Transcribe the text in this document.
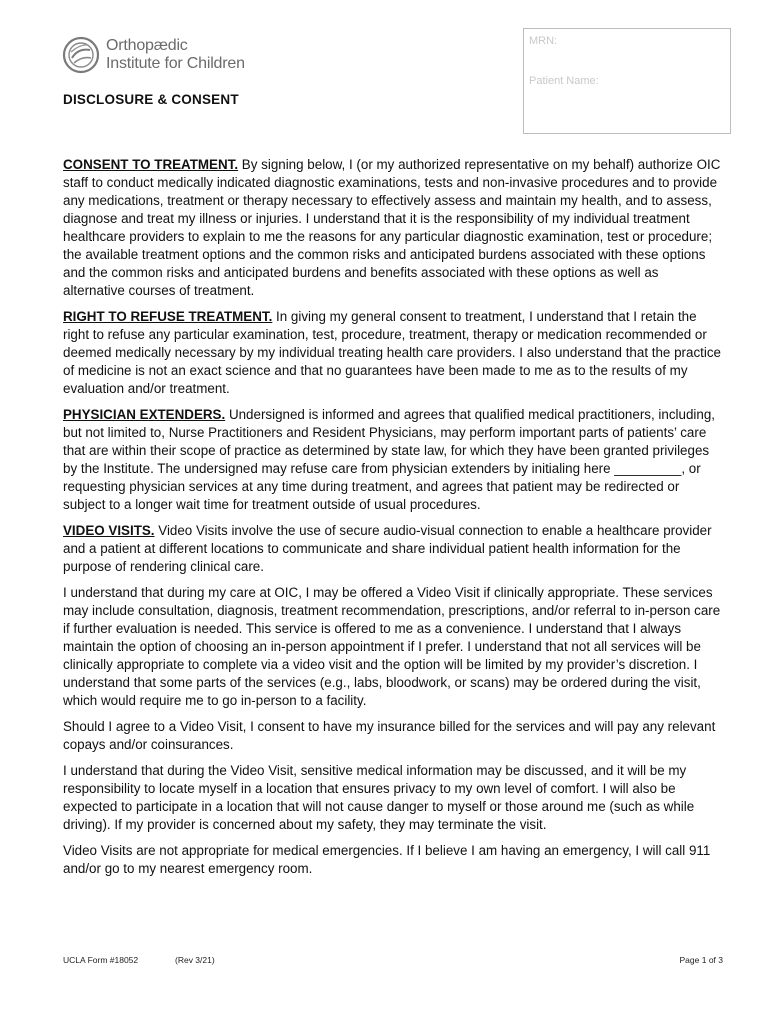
Orthopædic
Institute for Children
DISCLOSURE & CONSENT
MRN:
Patient Name:

CONSENT TO TREATMENT. By signing below, I (or my authorized representative on my behalf) authorize OIC staff to conduct medically indicated diagnostic examinations, tests and non-invasive procedures and to provide any medications, treatment or therapy necessary to effectively assess and maintain my health, and to assess, diagnose and treat my illness or injuries. I understand that it is the responsibility of my individual treatment healthcare providers to explain to me the reasons for any particular diagnostic examination, test or procedure; the available treatment options and the common risks and anticipated burdens associated with these options and the common risks and anticipated burdens and benefits associated with these options as well as alternative courses of treatment.

RIGHT TO REFUSE TREATMENT. In giving my general consent to treatment, I understand that I retain the right to refuse any particular examination, test, procedure, treatment, therapy or medication recommended or deemed medically necessary by my individual treating health care providers. I also understand that the practice of medicine is not an exact science and that no guarantees have been made to me as to the results of my evaluation and/or treatment.

PHYSICIAN EXTENDERS. Undersigned is informed and agrees that qualified medical practitioners, including, but not limited to, Nurse Practitioners and Resident Physicians, may perform important parts of patients’ care that are within their scope of practice as determined by state law, for which they have been granted privileges by the Institute. The undersigned may refuse care from physician extenders by initialing here _________, or requesting physician services at any time during treatment, and agrees that patient may be redirected or subject to a longer wait time for treatment outside of usual procedures.

VIDEO VISITS. Video Visits involve the use of secure audio-visual connection to enable a healthcare provider and a patient at different locations to communicate and share individual patient health information for the purpose of rendering clinical care.

I understand that during my care at OIC, I may be offered a Video Visit if clinically appropriate. These services may include consultation, diagnosis, treatment recommendation, prescriptions, and/or referral to in-person care if further evaluation is needed. This service is offered to me as a convenience. I understand that I always maintain the option of choosing an in-person appointment if I prefer. I understand that not all services will be clinically appropriate to complete via a video visit and the option will be limited by my provider’s discretion. I understand that some parts of the services (e.g., labs, bloodwork, or scans) may be ordered during the visit, which would require me to go in-person to a facility.

Should I agree to a Video Visit, I consent to have my insurance billed for the services and will pay any relevant copays and/or coinsurances.

I understand that during the Video Visit, sensitive medical information may be discussed, and it will be my responsibility to locate myself in a location that ensures privacy to my own level of comfort. I will also be expected to participate in a location that will not cause danger to myself or those around me (such as while driving). If my provider is concerned about my safety, they may terminate the visit.

Video Visits are not appropriate for medical emergencies. If I believe I am having an emergency, I will call 911 and/or go to my nearest emergency room.

UCLA Form #18052	(Rev 3/21)	Page 1 of 3
